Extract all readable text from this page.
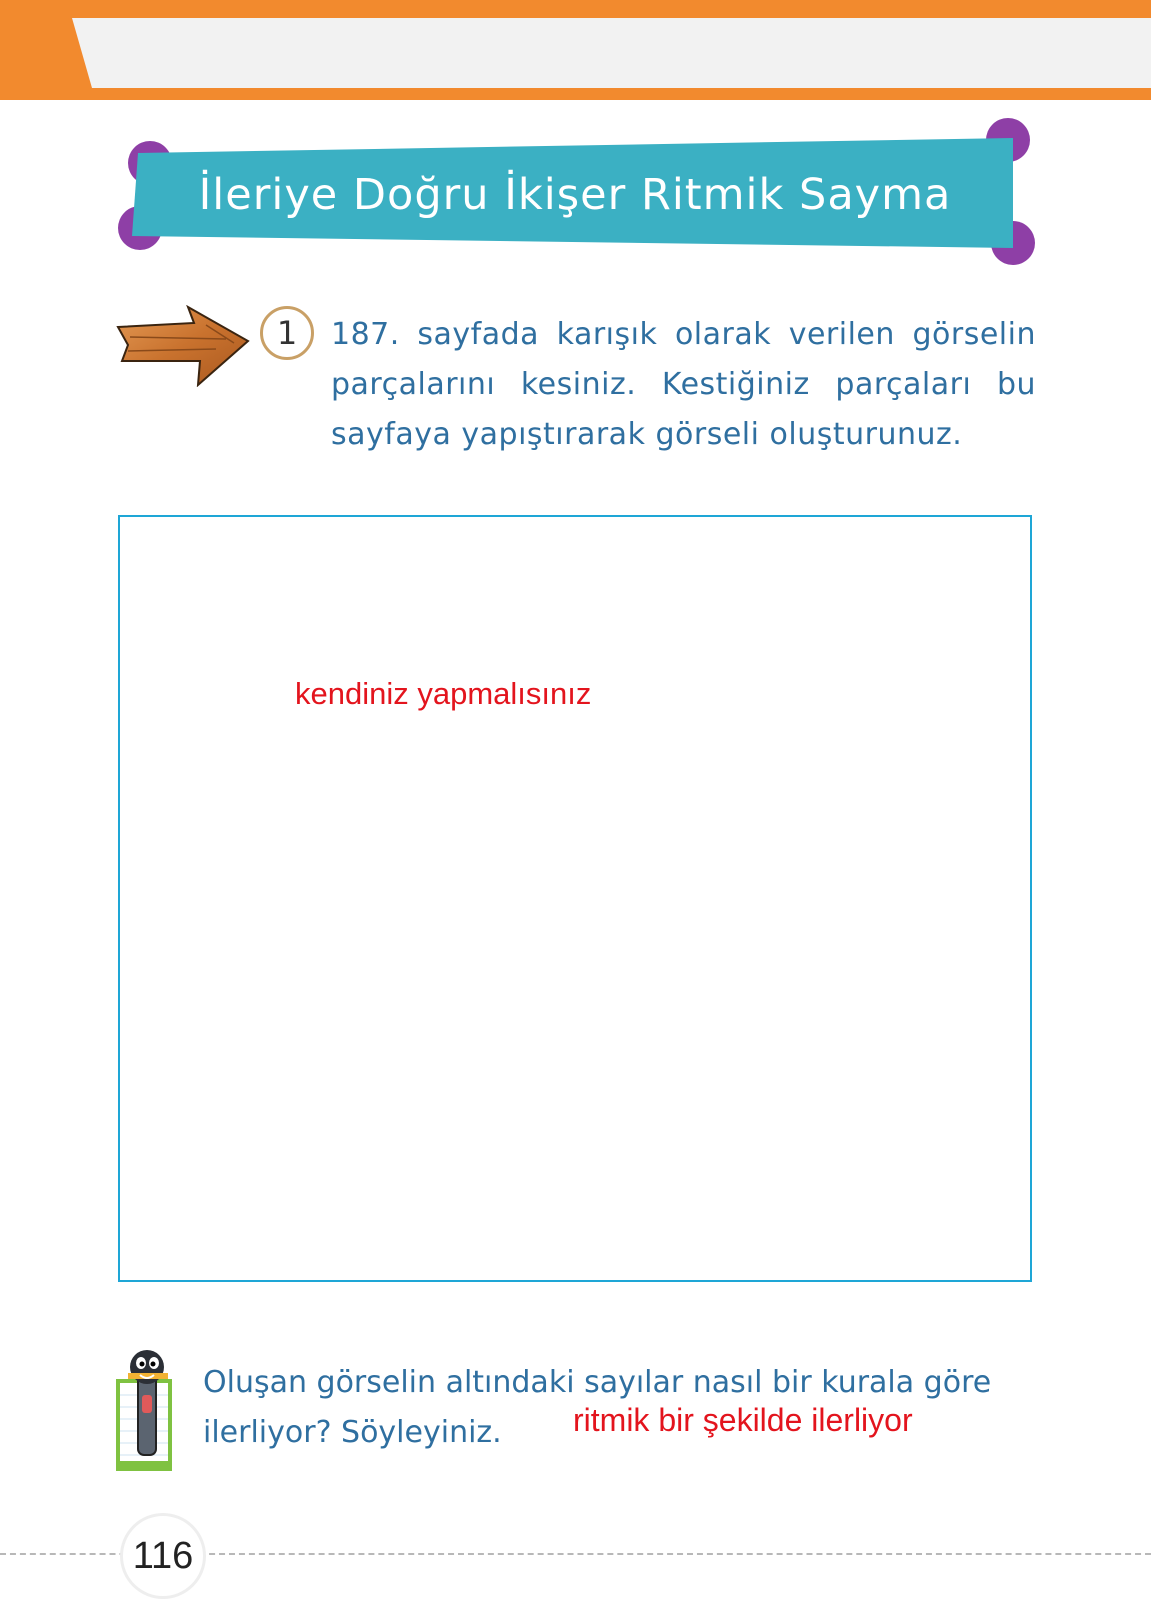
İleriye Doğru İkişer Ritmik Sayma
1	187. sayfada karışık olarak verilen görselin parçalarını kesiniz. Kestiğiniz parçaları bu sayfaya yapıştırarak görseli oluşturunuz.
kendiniz yapmalısınız
Oluşan görselin altındaki sayılar nasıl bir kurala göre ilerliyor? Söyleyiniz.	ritmik bir şekilde ilerliyor
116
